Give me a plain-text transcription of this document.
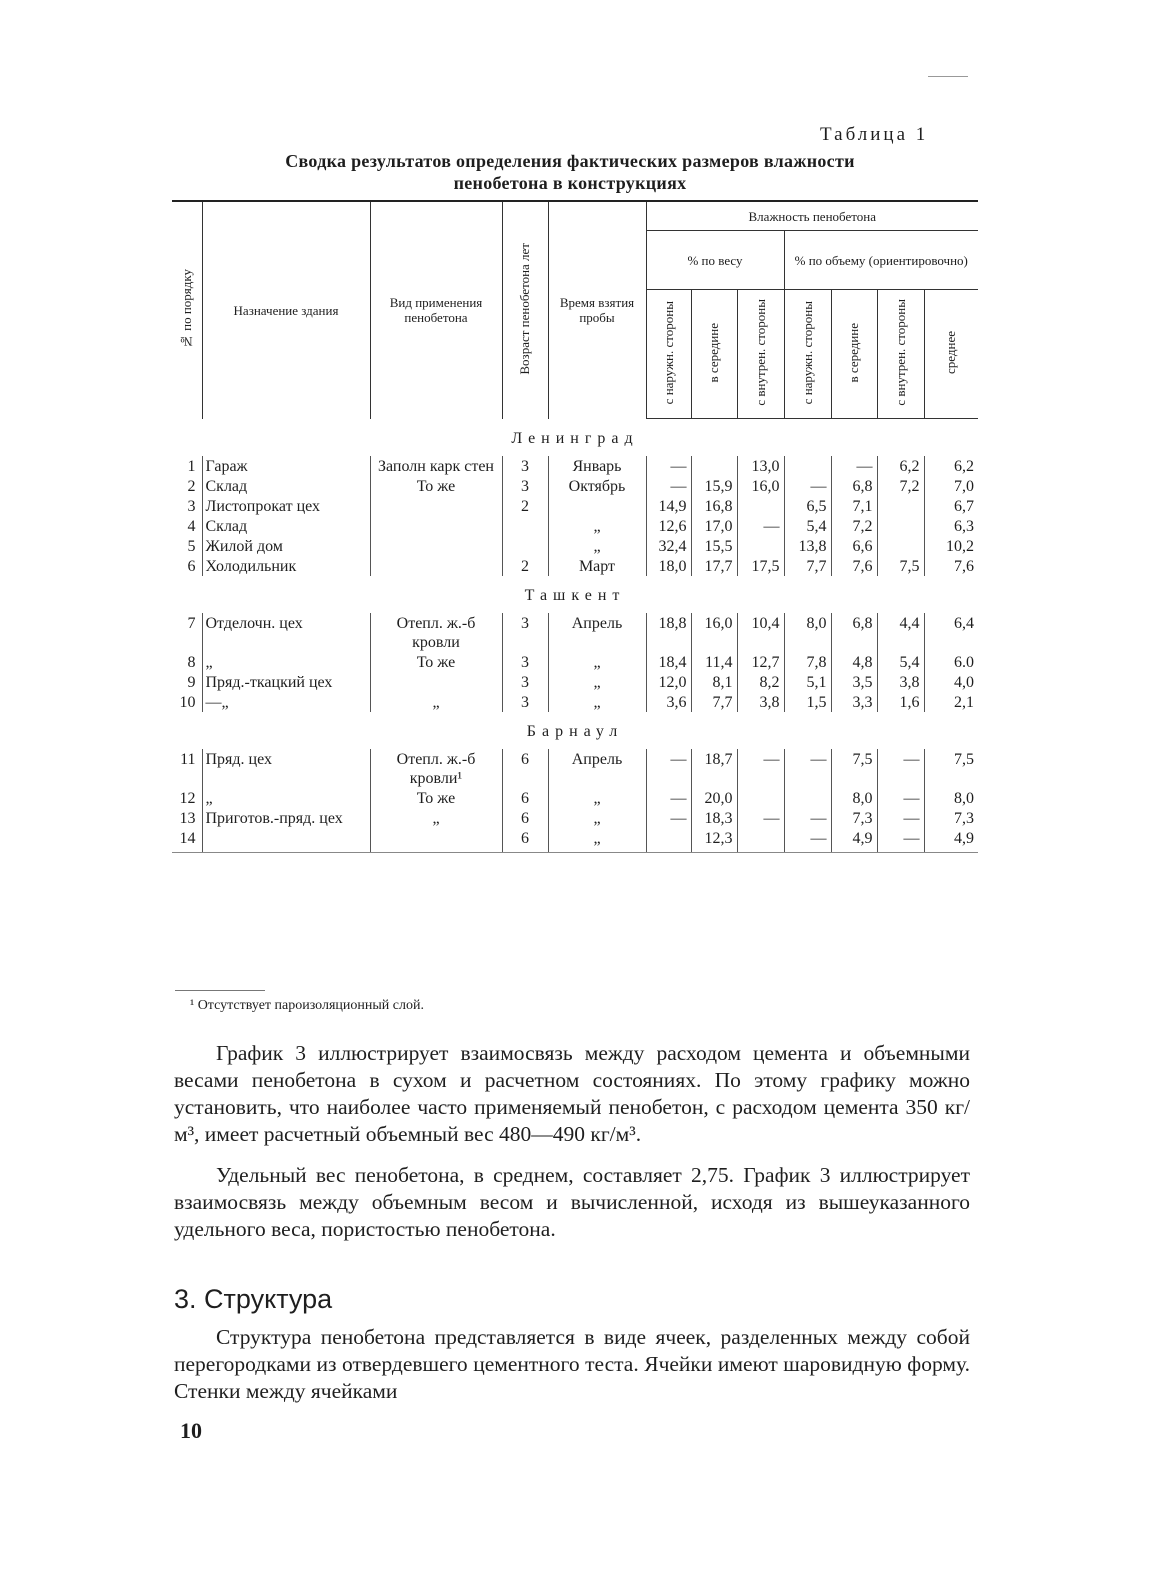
Таблица 1
Сводка результатов определения фактических размеров влажности
пенобетона в конструкциях
№ по порядку	Назначение здания	Вид применения пенобетона	Возраст пенобетона лет	Время взятия пробы	Влажность пенобетона						
					% по весу			% по объему (ориентировочно)			
					с наружн. стороны	в середине	с внутрен. стороны	с наружн. стороны	в середине	с внутрен. стороны	среднее
Ленинград											
1	Гараж	Заполн карк стен	3	Январь	—		13,0		—	6,2	6,2
2	Склад	То же	3	Октябрь	—	15,9	16,0	—	6,8	7,2	7,0
3	Листопрокат цех		2		14,9	16,8		6,5	7,1		6,7
4	Склад			„	12,6	17,0	—	5,4	7,2		6,3
5	Жилой дом			„	32,4	15,5		13,8	6,6		10,2
6	Холодильник		2	Март	18,0	17,7	17,5	7,7	7,6	7,5	7,6
Ташкент											
7	Отделочн. цех	Отепл. ж.-б кровли	3	Апрель	18,8	16,0	10,4	8,0	6,8	4,4	6,4
8	„	То же	3	„	18,4	11,4	12,7	7,8	4,8	5,4	6.0
9	Пряд.-ткацкий цех		3	„	12,0	8,1	8,2	5,1	3,5	3,8	4,0
10	—„	„	3	„	3,6	7,7	3,8	1,5	3,3	1,6	2,1
Барнаул											
11	Пряд. цех	Отепл. ж.-б кровли¹	6	Апрель	—	18,7	—	—	7,5	—	7,5
12	„	То же	6	„	—	20,0			8,0	—	8,0
13	Приготов.-пряд. цех	„	6	„	—	18,3	—	—	7,3	—	7,3
14			6	„		12,3		—	4,9	—	4,9
¹ Отсутствует пароизоляционный слой.

График 3 иллюстрирует взаимосвязь между расходом цемента и объемными весами пенобетона в сухом и расчетном состояниях. По этому графику можно установить, что наиболее часто применяемый пенобетон, с расходом цемента 350 кг/м³, имеет расчетный объемный вес 480—490 кг/м³.

Удельный вес пенобетона, в среднем, составляет 2,75. График 3 иллюстрирует взаимосвязь между объемным весом и вычисленной, исходя из вышеуказанного удельного веса, пористостью пенобетона.

3. Структура

Структура пенобетона представляется в виде ячеек, разделенных между собой перегородками из отвердевшего цементного теста. Ячейки имеют шаровидную форму. Стенки между ячейками

10
